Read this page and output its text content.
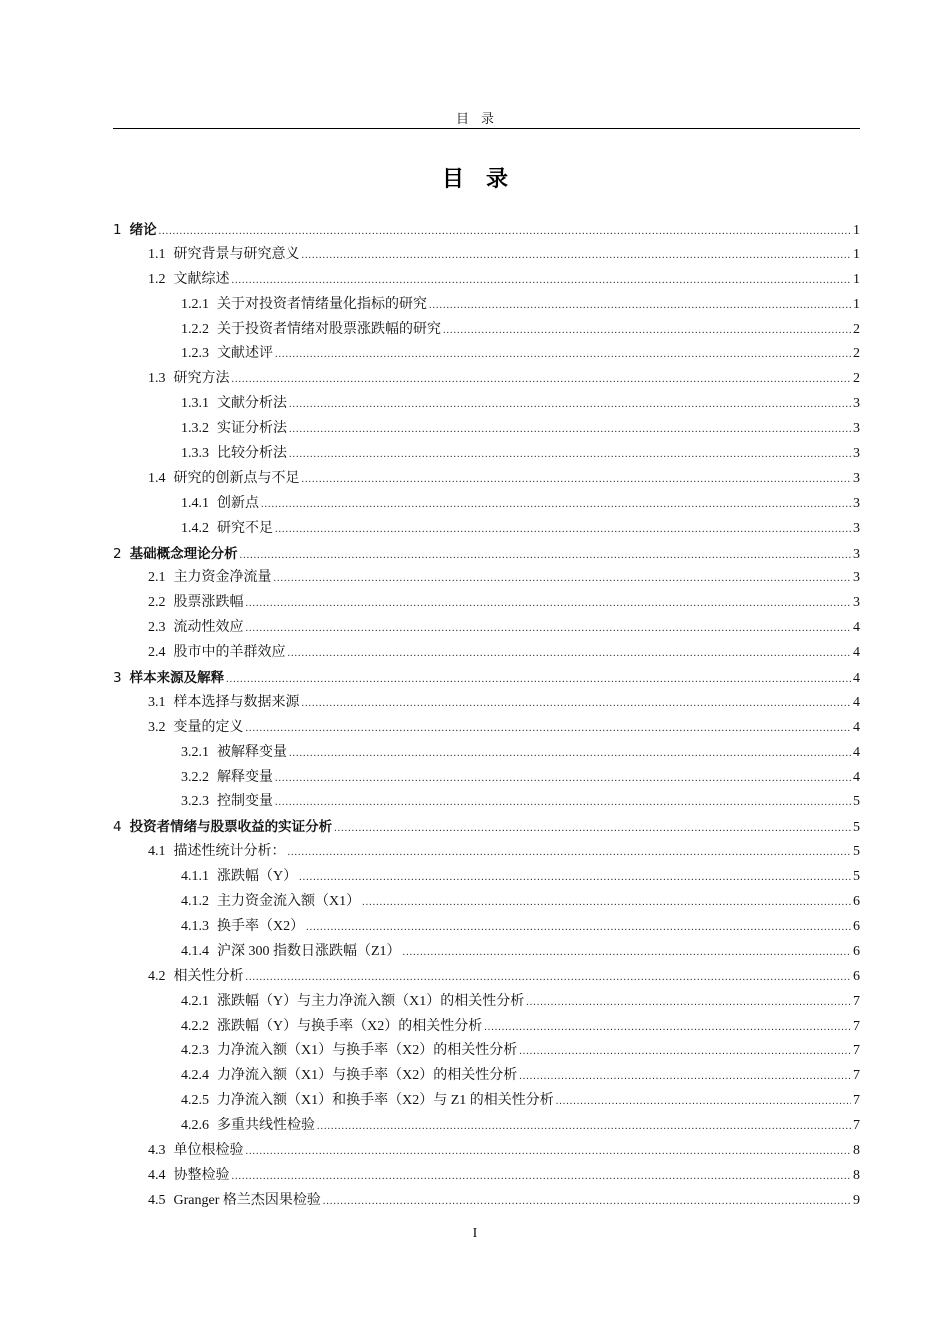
目录
目录
1 绪论 .....	1
1.1 研究背景与研究意义 .....	1
1.2 文献综述 .....	1
1.2.1 关于对投资者情绪量化指标的研究 .....	1
1.2.2 关于投资者情绪对股票涨跌幅的研究 .....	2
1.2.3 文献述评 .....	2
1.3 研究方法 .....	2
1.3.1 文献分析法 .....	3
1.3.2 实证分析法 .....	3
1.3.3 比较分析法 .....	3
1.4 研究的创新点与不足 .....	3
1.4.1 创新点 .....	3
1.4.2 研究不足 .....	3
2 基础概念理论分析 .....	3
2.1 主力资金净流量 .....	3
2.2 股票涨跌幅 .....	3
2.3 流动性效应 .....	4
2.4 股市中的羊群效应 .....	4
3 样本来源及解释 .....	4
3.1 样本选择与数据来源 .....	4
3.2 变量的定义 .....	4
3.2.1 被解释变量 .....	4
3.2.2 解释变量 .....	4
3.2.3 控制变量 .....	5
4 投资者情绪与股票收益的实证分析 .....	5
4.1 描述性统计分析： .....	5
4.1.1 涨跌幅（Y） .....	5
4.1.2 主力资金流入额（X1） .....	6
4.1.3 换手率（X2） .....	6
4.1.4 沪深 300 指数日涨跌幅（Z1） .....	6
4.2 相关性分析 .....	6
4.2.1 涨跌幅（Y）与主力净流入额（X1）的相关性分析 .....	7
4.2.2 涨跌幅（Y）与换手率（X2）的相关性分析 .....	7
4.2.3 力净流入额（X1）与换手率（X2）的相关性分析 .....	7
4.2.4 力净流入额（X1）与换手率（X2）的相关性分析 .....	7
4.2.5 力净流入额（X1）和换手率（X2）与 Z1 的相关性分析 .....	7
4.2.6 多重共线性检验 .....	7
4.3 单位根检验 .....	8
4.4 协整检验 .....	8
4.5 Granger 格兰杰因果检验 .....	9
I
